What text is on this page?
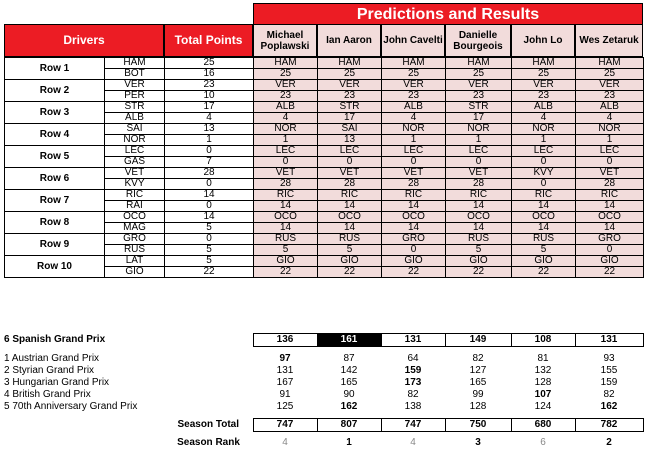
Predictions and Results
Drivers	Total Points	Michael Poplawski	Ian Aaron	John Cavelti	Danielle Bourgeois	John Lo	Wes Zetaruk
Row 1	HAM	25	HAM	HAM	HAM	HAM	HAM	HAM
	BOT	16	25	25	25	25	25	25
Row 2	VER	23	VER	VER	VER	VER	VER	VER
	PER	10	23	23	23	23	23	23
Row 3	STR	17	ALB	STR	ALB	STR	ALB	ALB
	ALB	4	4	17	4	17	4	4
Row 4	SAI	13	NOR	SAI	NOR	NOR	NOR	NOR
	NOR	1	1	13	1	1	1	1
Row 5	LEC	0	LEC	LEC	LEC	LEC	LEC	LEC
	GAS	7	0	0	0	0	0	0
Row 6	VET	28	VET	VET	VET	VET	KVY	VET
	KVY	0	28	28	28	28	0	28
Row 7	RIC	14	RIC	RIC	RIC	RIC	RIC	RIC
	RAI	0	14	14	14	14	14	14
Row 8	OCO	14	OCO	OCO	OCO	OCO	OCO	OCO
	MAG	5	14	14	14	14	14	14
Row 9	GRO	0	RUS	RUS	GRO	RUS	RUS	GRO
	RUS	5	5	5	0	5	5	0
Row 10	LAT	5	GIO	GIO	GIO	GIO	GIO	GIO
	GIO	22	22	22	22	22	22	22
6 Spanish Grand Prix		136	161	131	149	108	131

1 Austrian Grand Prix		97	87	64	82	81	93
2 Styrian Grand Prix		131	142	159	127	132	155
3 Hungarian Grand Prix		167	165	173	165	128	159
4 British Grand Prix		91	90	82	99	107	82
5 70th Anniversary Grand Prix		125	162	138	128	124	162

	Season Total	747	807	747	750	680	782

	Season Rank	4	1	4	3	6	2
